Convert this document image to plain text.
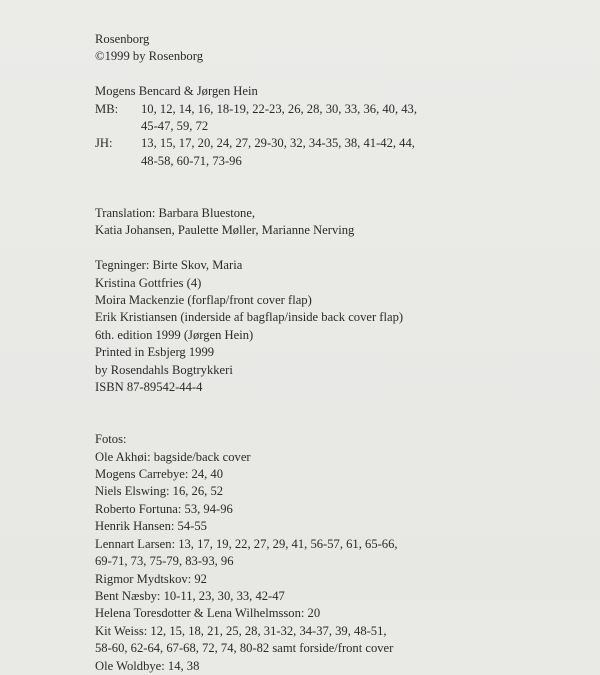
Rosenborg
©1999 by Rosenborg
Mogens Bencard & Jørgen Hein
MB:	10, 12, 14, 16, 18-19, 22-23, 26, 28, 30, 33, 36, 40, 43,
45-47, 59, 72
JH:	13, 15, 17, 20, 24, 27, 29-30, 32, 34-35, 38, 41-42, 44,
48-58, 60-71, 73-96
Translation: Barbara Bluestone,
Katia Johansen, Paulette Møller, Marianne Nerving
Tegninger: Birte Skov, Maria
Kristina Gottfries (4)
Moira Mackenzie (forflap/front cover flap)
Erik Kristiansen (inderside af bagflap/inside back cover flap)
6th. edition 1999 (Jørgen Hein)
Printed in Esbjerg 1999
by Rosendahls Bogtrykkeri
ISBN 87-89542-44-4
Fotos:
Ole Akhøi: bagside/back cover
Mogens Carrebye: 24, 40
Niels Elswing: 16, 26, 52
Roberto Fortuna: 53, 94-96
Henrik Hansen: 54-55
Lennart Larsen: 13, 17, 19, 22, 27, 29, 41, 56-57, 61, 65-66,
69-71, 73, 75-79, 83-93, 96
Rigmor Mydtskov: 92
Bent Næsby: 10-11, 23, 30, 33, 42-47
Helena Toresdotter & Lena Wilhelmsson: 20
Kit Weiss: 12, 15, 18, 21, 25, 28, 31-32, 34-37, 39, 48-51,
58-60, 62-64, 67-68, 72, 74, 80-82 samt forside/front cover
Ole Woldbye: 14, 38
